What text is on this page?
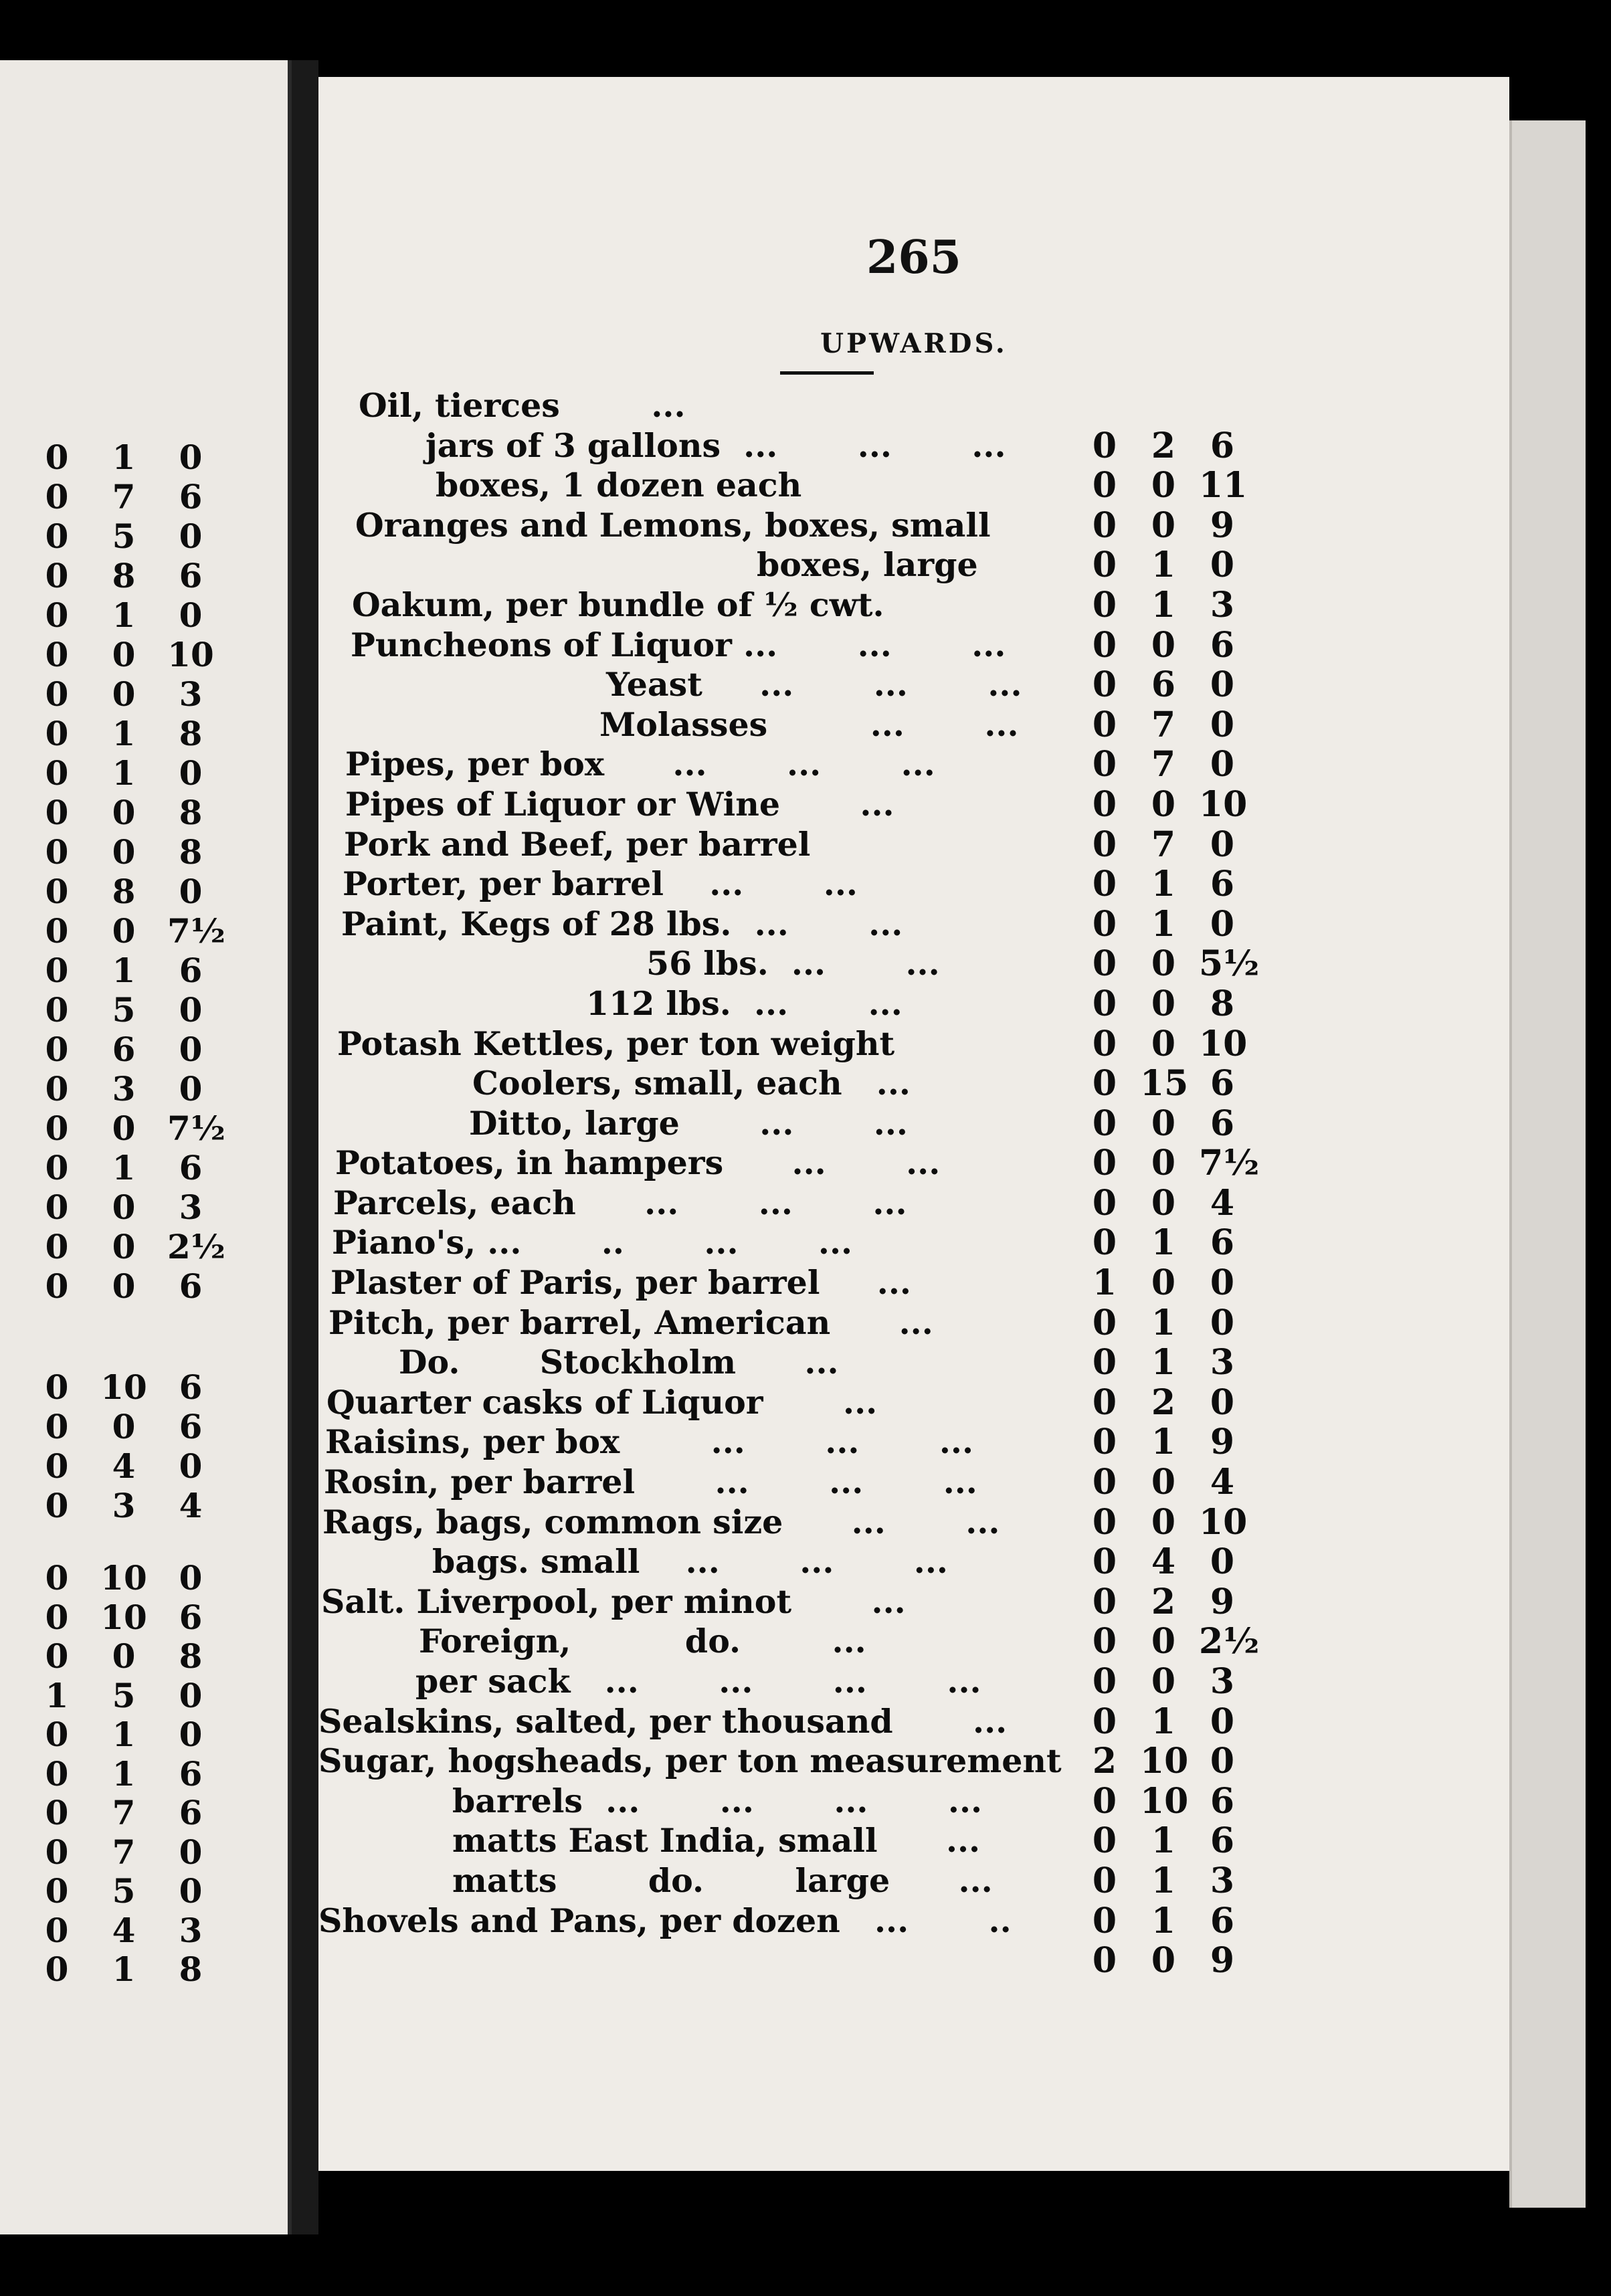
0	1	0
0	7	6
0	5	0
0	8	6
0	1	0
0	0 10
0	0	3
0	1	8
0	1	0
0	0	8
0	0	8
0	8	0
0	0 7½
0	1	6
0	5	0
0	6	0
0	3	0
0	0 7½
0	1	6
0	0	3
0	0 2½
0	0	6
0 10 6
0	0	6
0	4	0
0	3	4
0 10 0
0 10 6
0	0	8
1	5	0
0	1	0
0	1	6
0	7	6
0	7	0
0	5	0
0	4	3
0	1	8
265
UPWARDS.
Oil, tierces        ...
jars of 3 gallons  ...       ...       ...	0 2 6
boxes, 1 dozen each	0 0 11
Oranges and Lemons, boxes, small	0 0 9
boxes, large	0 1 0
Oakum, per bundle of ½ cwt.	0 1 3
Puncheons of Liquor ...       ...       ...	0 0 6
Yeast     ...       ...       ...	0 6 0
Molasses         ...       ...	0 7 0
Pipes, per box      ...       ...       ...	0 7 0
Pipes of Liquor or Wine       ...	0 0 10
Pork and Beef, per barrel	0 7 0
Porter, per barrel    ...       ...	0 1 6
Paint, Kegs of 28 lbs.  ...       ...	0 1 0
56 lbs.  ...       ...	0 0 5½
112 lbs.  ...       ...	0 0 8
Potash Kettles, per ton weight	0 0 10
Coolers, small, each   ...	0 15 6
Ditto, large       ...       ...	0 0 6
Potatoes, in hampers      ...       ...	0 0 7½
Parcels, each      ...       ...       ...	0 0 4
Piano's, ...       ..       ...       ...	0 1 6
Plaster of Paris, per barrel     ...	1 0 0
Pitch, per barrel, American      ...	0 1 0
Do.       Stockholm      ...	0 1 3
Quarter casks of Liquor       ...	0 2 0
Raisins, per box        ...       ...       ...	0 1 9
Rosin, per barrel       ...       ...       ...	0 0 4
Rags, bags, common size      ...       ...	0 0 10
bags. small    ...       ...       ...	0 4 0
Salt. Liverpool, per minot       ...	0 2 9
Foreign,          do.        ...	0 0 2½
per sack   ...       ...       ...       ...	0 0 3
Sealskins, salted, per thousand       ...	0 1 0
Sugar, hogsheads, per ton measurement 2 10 0
barrels  ...       ...       ...       ...	0 10 6
matts East India, small      ...	0 1 6
matts        do.        large      ...	0 1 3
Shovels and Pans, per dozen   ...       ..	0 1 6
0 0 9
